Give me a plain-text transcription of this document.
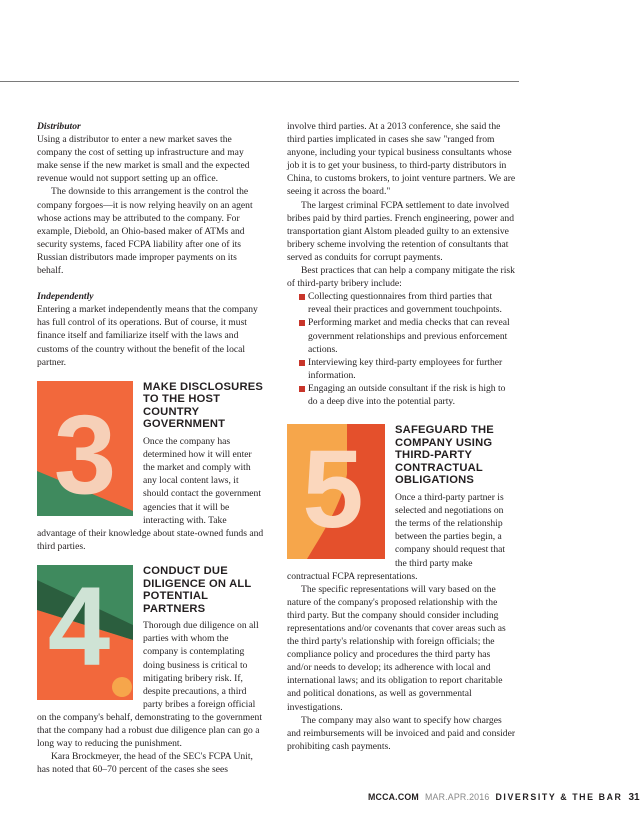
Distributor

Using a distributor to enter a new market saves the company the cost of setting up infrastructure and may make sense if the new market is small and the expected revenue would not support setting up an office.

The downside to this arrangement is the control the company forgoes—it is now relying heavily on an agent whose actions may be attributed to the company. For example, Diebold, an Ohio-based maker of ATMs and security systems, faced FCPA liability after one of its Russian distributors made improper payments on its behalf.

Independently

Entering a market independently means that the company has full control of its operations. But of course, it must finance itself and familiarize itself with the laws and customs of the country without the benefit of the local partner.

3
MAKE DISCLOSURES TO THE HOST COUNTRY GOVERNMENT

Once the company has determined how it will enter the market and comply with any local content laws, it should contact the government agencies that it will be interacting with. Take advantage of their knowledge about state-owned funds and third parties.

4	CONDUCT DUE DILIGENCE ON ALL POTENTIAL PARTNERS

Thorough due diligence on all parties with whom the company is contemplating doing business is critical to mitigating bribery risk. If, despite precautions, a third party bribes a foreign official on the company's behalf, demonstrating to the government that the company had a robust due diligence plan can go a long way to reducing the punishment.

Kara Brockmeyer, the head of the SEC's FCPA Unit, has noted that 60–70 percent of the cases she sees

involve third parties. At a 2013 conference, she said the third parties implicated in cases she saw "ranged from anyone, including your typical business consultants whose job it is to get your business, to third-party distributors in China, to customs brokers, to joint venture partners. We are seeing it across the board."

The largest criminal FCPA settlement to date involved bribes paid by third parties. French engineering, power and transportation giant Alstom pleaded guilty to an extensive bribery scheme involving the retention of consultants that served as conduits for corrupt payments.

Best practices that can help a company mitigate the risk of third-party bribery include:

Collecting questionnaires from third parties that reveal their practices and government touchpoints.
Performing market and media checks that can reveal government relationships and previous enforcement actions.
Interviewing key third-party employees for further information.
Engaging an outside consultant if the risk is high to do a deep dive into the potential party.
5	SAFEGUARD THE COMPANY USING THIRD-PARTY CONTRACTUAL OBLIGATIONS

Once a third-party partner is selected and negotiations on the terms of the relationship between the parties begin, a company should request that the third party make contractual FCPA representations.

The specific representations will vary based on the nature of the company's proposed relationship with the third party. But the company should consider including representations and/or covenants that cover areas such as the third party's relationship with foreign officials; the compliance policy and procedures the third party has and/or needs to develop; its adherence with local and international laws; and its obligation to report charitable and political donations, as well as governmental investigations.

The company may also want to specify how charges and reimbursements will be invoiced and paid and consider prohibiting cash payments.

MCCA.COM MAR.APR.2016 DIVERSITY & THE BAR 31
